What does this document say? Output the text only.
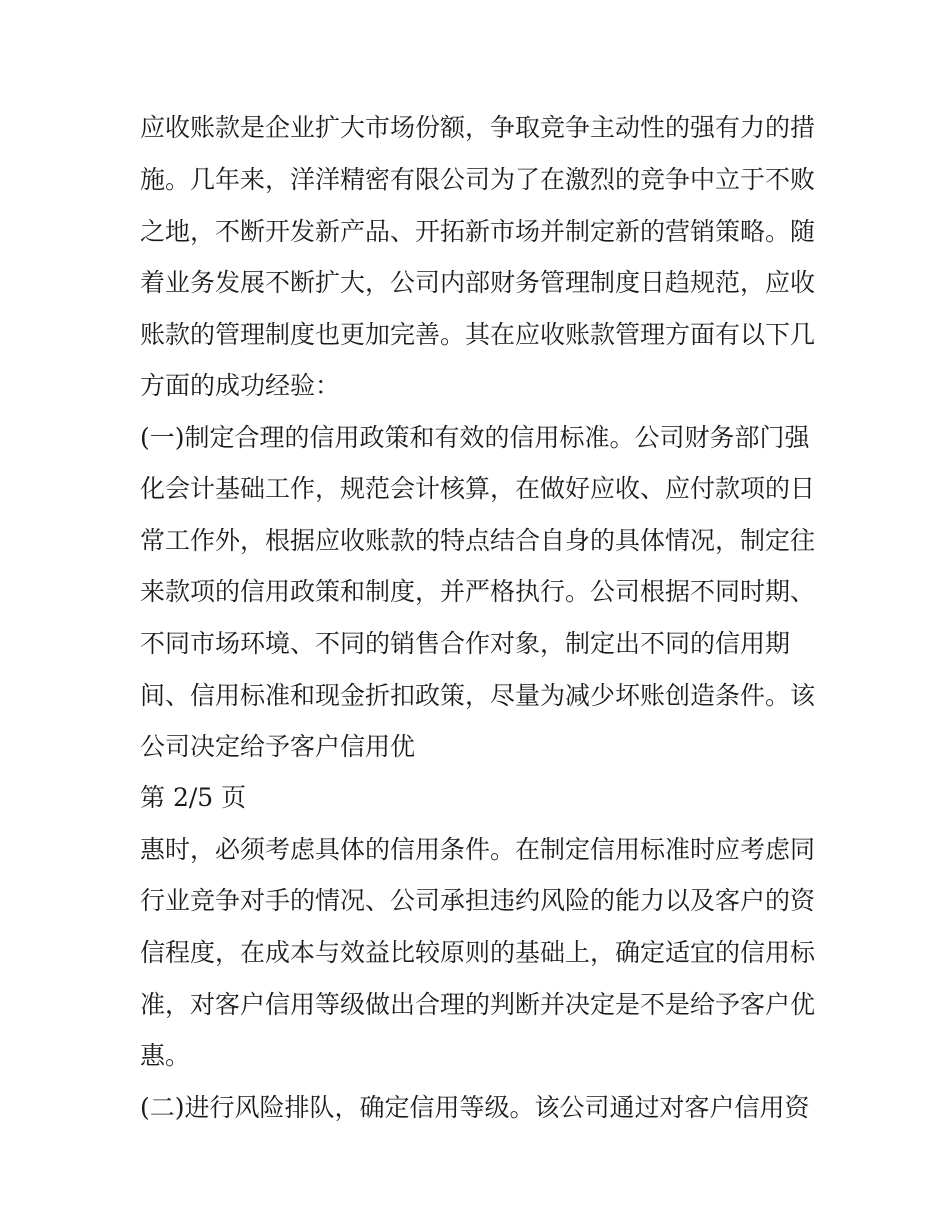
应收账款是企业扩大市场份额，争取竞争主动性的强有力的措
施。几年来，洋洋精密有限公司为了在激烈的竞争中立于不败
之地，不断开发新产品、开拓新市场并制定新的营销策略。随
着业务发展不断扩大，公司内部财务管理制度日趋规范，应收
账款的管理制度也更加完善。其在应收账款管理方面有以下几
方面的成功经验：
(一)制定合理的信用政策和有效的信用标准。公司财务部门强
化会计基础工作，规范会计核算，在做好应收、应付款项的日
常工作外，根据应收账款的特点结合自身的具体情况，制定往
来款项的信用政策和制度，并严格执行。公司根据不同时期、
不同市场环境、不同的销售合作对象，制定出不同的信用期
间、信用标准和现金折扣政策，尽量为减少坏账创造条件。该
公司决定给予客户信用优
第 2/5 页
惠时，必须考虑具体的信用条件。在制定信用标准时应考虑同
行业竞争对手的情况、公司承担违约风险的能力以及客户的资
信程度，在成本与效益比较原则的基础上，确定适宜的信用标
准，对客户信用等级做出合理的判断并决定是不是给予客户优
惠。
(二)进行风险排队，确定信用等级。该公司通过对客户信用资
